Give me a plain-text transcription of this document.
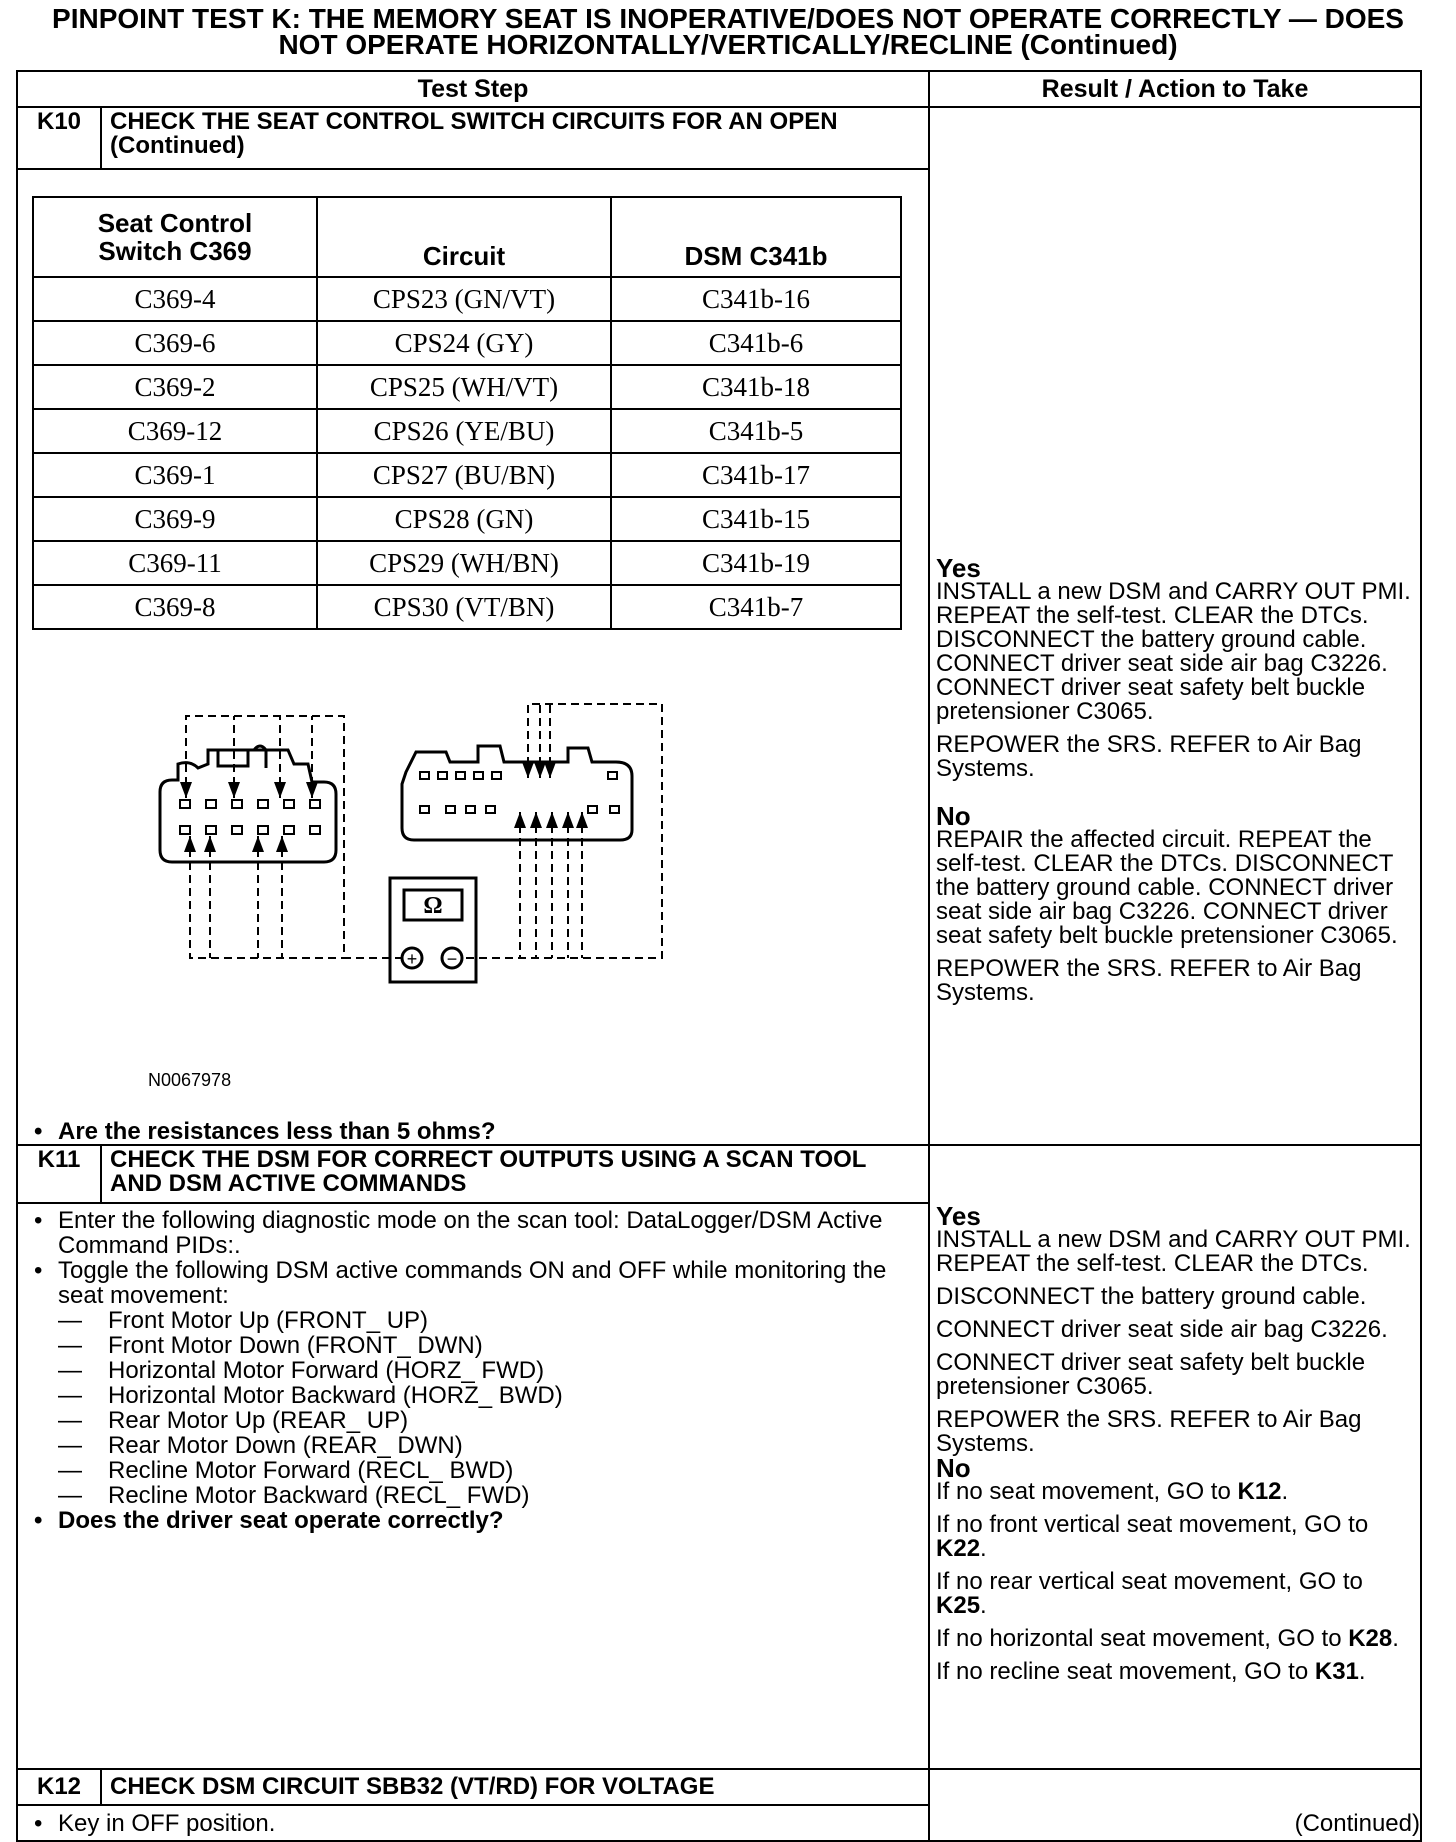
PINPOINT TEST K: THE MEMORY SEAT IS INOPERATIVE/DOES NOT OPERATE CORRECTLY — DOES
NOT OPERATE HORIZONTALLY/VERTICALLY/RECLINE (Continued)
Test Step	Result / Action to Take
K10	CHECK THE SEAT CONTROL SWITCH CIRCUITS FOR AN OPEN (Continued)	
Yes

INSTALL a new DSM and CARRY OUT PMI. REPEAT the self-test. CLEAR the DTCs. DISCONNECT the battery ground cable. CONNECT driver seat side air bag C3226. CONNECT driver seat safety belt buckle pretensioner C3065.

REPOWER the SRS. REFER to Air Bag Systems.

No

REPAIR the affected circuit. REPEAT the self-test. CLEAR the DTCs. DISCONNECT the battery ground cable. CONNECT driver seat side air bag C3226. CONNECT driver seat safety belt buckle pretensioner C3065.

REPOWER the SRS. REFER to Air Bag Systems.

Seat Control
Switch C369	Circuit	DSM C341b
C369-4	CPS23 (GN/VT)	C341b-16
C369-6	CPS24 (GY)	C341b-6
C369-2	CPS25 (WH/VT)	C341b-18
C369-12	CPS26 (YE/BU)	C341b-5
C369-1	CPS27 (BU/BN)	C341b-17
C369-9	CPS28 (GN)	C341b-15
C369-11	CPS29 (WH/BN)	C341b-19
C369-8	CPS30 (VT/BN)	C341b-7
Ω
+ −
N0067978
• Are the resistances less than 5 ohms?

K11	CHECK THE DSM FOR CORRECT OUTPUTS USING A SCAN TOOL AND DSM ACTIVE COMMANDS	
Yes

INSTALL a new DSM and CARRY OUT PMI. REPEAT the self-test. CLEAR the DTCs.

DISCONNECT the battery ground cable.

CONNECT driver seat side air bag C3226.

CONNECT driver seat safety belt buckle pretensioner C3065.

REPOWER the SRS. REFER to Air Bag Systems.

No

If no seat movement, GO to K12.

If no front vertical seat movement, GO to K22.

If no rear vertical seat movement, GO to K25.

If no horizontal seat movement, GO to K28.

If no recline seat movement, GO to K31.

• Enter the following diagnostic mode on the scan tool: DataLogger/DSM Active Command PIDs:.
• Toggle the following DSM active commands ON and OFF while monitoring the seat movement:
— Front Motor Up (FRONT_ UP)
— Front Motor Down (FRONT_ DWN)
— Horizontal Motor Forward (HORZ_ FWD)
— Horizontal Motor Backward (HORZ_ BWD)
— Rear Motor Up (REAR_ UP)
— Rear Motor Down (REAR_ DWN)
— Recline Motor Forward (RECL_ BWD)
— Recline Motor Backward (RECL_ FWD)
• Does the driver seat operate correctly?

K12	CHECK DSM CIRCUIT SBB32 (VT/RD) FOR VOLTAGE	

• Key in OFF position.	(Continued)
